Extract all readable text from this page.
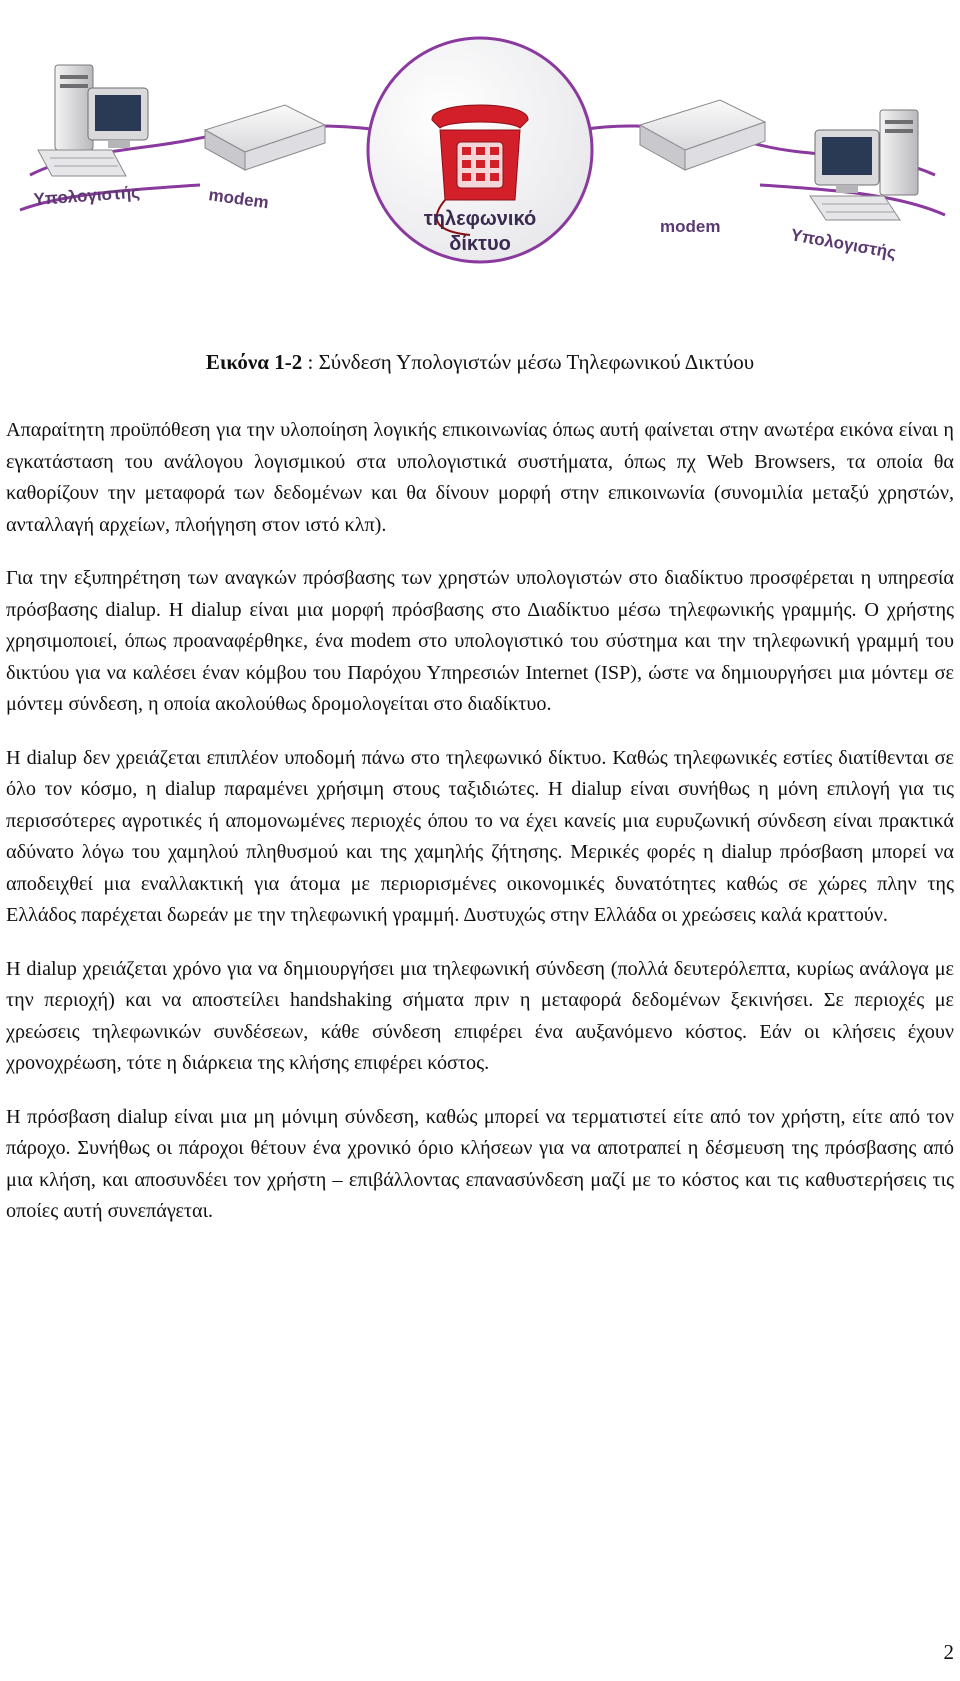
Υπολογιστής	modem
τηλεφωνικό
δίκτυο
modem	Υπολογιστής
Εικόνα 1-2 : Σύνδεση Υπολογιστών μέσω Τηλεφωνικού Δικτύου

Απαραίτητη προϋπόθεση για την υλοποίηση λογικής επικοινωνίας όπως αυτή φαίνεται στην ανωτέρα εικόνα είναι η εγκατάσταση του ανάλογου λογισμικού στα υπολογιστικά συστήματα, όπως πχ Web Browsers, τα οποία θα καθορίζουν την μεταφορά των δεδομένων και θα δίνουν μορφή στην επικοινωνία (συνομιλία μεταξύ χρηστών, ανταλλαγή αρχείων, πλοήγηση στον ιστό κλπ).

Για την εξυπηρέτηση των αναγκών πρόσβασης των χρηστών υπολογιστών στο διαδίκτυο προσφέρεται η υπηρεσία πρόσβασης dialup. Η dialup είναι μια μορφή πρόσβασης στο Διαδίκτυο μέσω τηλεφωνικής γραμμής. Ο χρήστης χρησιμοποιεί, όπως προαναφέρθηκε, ένα modem στο υπολογιστικό του σύστημα και την τηλεφωνική γραμμή του δικτύου για να καλέσει έναν κόμβου του Παρόχου Υπηρεσιών Internet (ISP), ώστε να δημιουργήσει μια μόντεμ σε μόντεμ σύνδεση, η οποία ακολούθως δρομολογείται στο διαδίκτυο.

Η dialup δεν χρειάζεται επιπλέον υποδομή πάνω στο τηλεφωνικό δίκτυο. Καθώς τηλεφωνικές εστίες διατίθενται σε όλο τον κόσμο, η dialup παραμένει χρήσιμη στους ταξιδιώτες. Η dialup είναι συνήθως η μόνη επιλογή για τις περισσότερες αγροτικές ή απομονωμένες περιοχές όπου το να έχει κανείς μια ευρυζωνική σύνδεση είναι πρακτικά αδύνατο λόγω του χαμηλού πληθυσμού και της χαμηλής ζήτησης. Μερικές φορές η dialup πρόσβαση μπορεί να αποδειχθεί μια εναλλακτική για άτομα με περιορισμένες οικονομικές δυνατότητες καθώς σε χώρες πλην της Ελλάδος παρέχεται δωρεάν με την τηλεφωνική γραμμή. Δυστυχώς στην Ελλάδα οι χρεώσεις καλά κραττούν.

Η dialup χρειάζεται χρόνο για να δημιουργήσει μια τηλεφωνική σύνδεση (πολλά δευτερόλεπτα, κυρίως ανάλογα με την περιοχή) και να αποστείλει handshaking σήματα πριν η μεταφορά δεδομένων ξεκινήσει. Σε περιοχές με χρεώσεις τηλεφωνικών συνδέσεων, κάθε σύνδεση επιφέρει ένα αυξανόμενο κόστος. Εάν οι κλήσεις έχουν χρονοχρέωση, τότε η διάρκεια της κλήσης επιφέρει κόστος.

Η πρόσβαση dialup είναι μια μη μόνιμη σύνδεση, καθώς μπορεί να τερματιστεί είτε από τον χρήστη, είτε από τον πάροχο. Συνήθως οι πάροχοι θέτουν ένα χρονικό όριο κλήσεων για να αποτραπεί η δέσμευση της πρόσβασης από μια κλήση, και αποσυνδέει τον χρήστη – επιβάλλοντας επανασύνδεση μαζί με το κόστος και τις καθυστερήσεις τις οποίες αυτή συνεπάγεται.

2
